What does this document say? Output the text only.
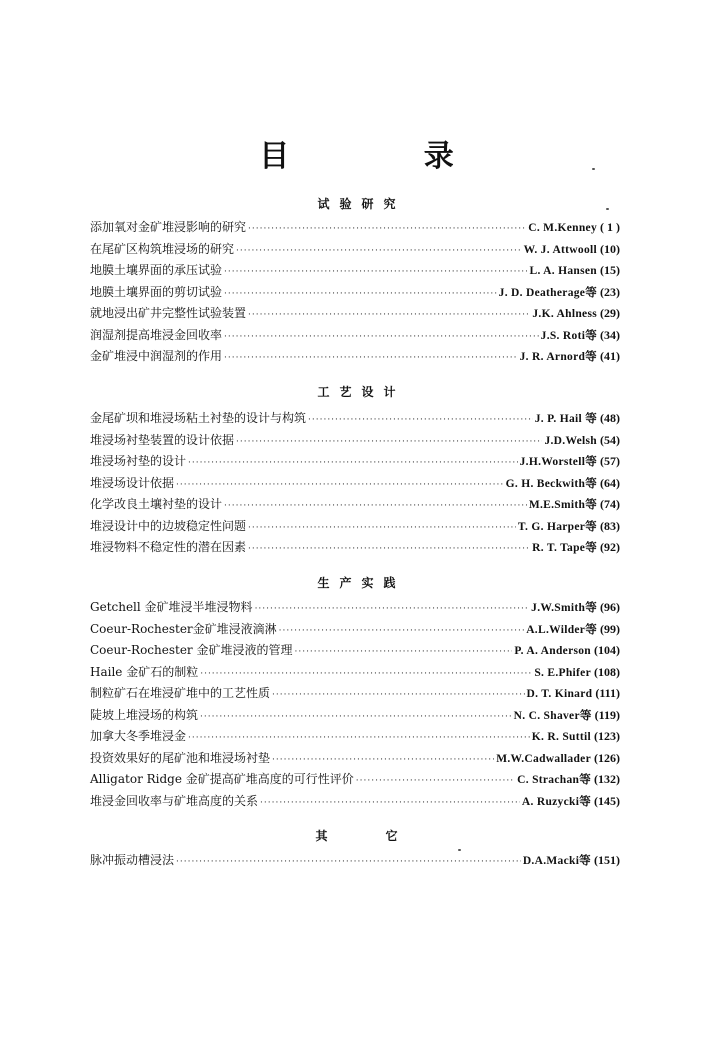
目 录
试验研究
添加氧对金矿堆浸影响的研究 ·····	C. M.Kenney ( 1 )
在尾矿区构筑堆浸场的研究 ·····	W. J. Attwooll (10)
地膜土壤界面的承压试验 ·····	L. A. Hansen (15)
地膜土壤界面的剪切试验 ·····	J. D. Deatherage等 (23)
就地浸出矿井完整性试验装置 ·····	J.K. Ahlness (29)
润湿剂提高堆浸金回收率 ·····	J.S. Roti等 (34)
金矿堆浸中润湿剂的作用 ·····	J. R. Arnord等 (41)
工艺设计
金尾矿坝和堆浸场粘土衬垫的设计与构筑 ·····	J. P. Hail 等 (48)
堆浸场衬垫装置的设计依据 ·····	J.D.Welsh (54)
堆浸场衬垫的设计 ·····	J.H.Worstell等 (57)
堆浸场设计依据 ·····	G. H. Beckwith等 (64)
化学改良土壤衬垫的设计 ·····	M.E.Smith等 (74)
堆浸设计中的边坡稳定性问题 ·····	T. G. Harper等 (83)
堆浸物料不稳定性的潜在因素 ·····	R. T. Tape等 (92)
生产实践
Getchell 金矿堆浸半堆浸物料 ·····	J.W.Smith等 (96)
Coeur-Rochester金矿堆浸液滴淋 ·····	A.L.Wilder等 (99)
Coeur-Rochester 金矿堆浸液的管理 ·····	P. A. Anderson (104)
Haile 金矿石的制粒 ·····	S. E.Phifer (108)
制粒矿石在堆浸矿堆中的工艺性质 ·····	D. T. Kinard (111)
陡坡上堆浸场的构筑 ·····	N. C. Shaver等 (119)
加拿大冬季堆浸金 ·····	K. R. Suttil (123)
投资效果好的尾矿池和堆浸场衬垫 ·····	M.W.Cadwallader (126)
Alligator Ridge 金矿提高矿堆高度的可行性评价 ·····	C. Strachan等 (132)
堆浸金回收率与矿堆高度的关系 ·····	A. Ruzycki等 (145)
其它
脉冲振动槽浸法 ·····	D.A.Macki等 (151)
